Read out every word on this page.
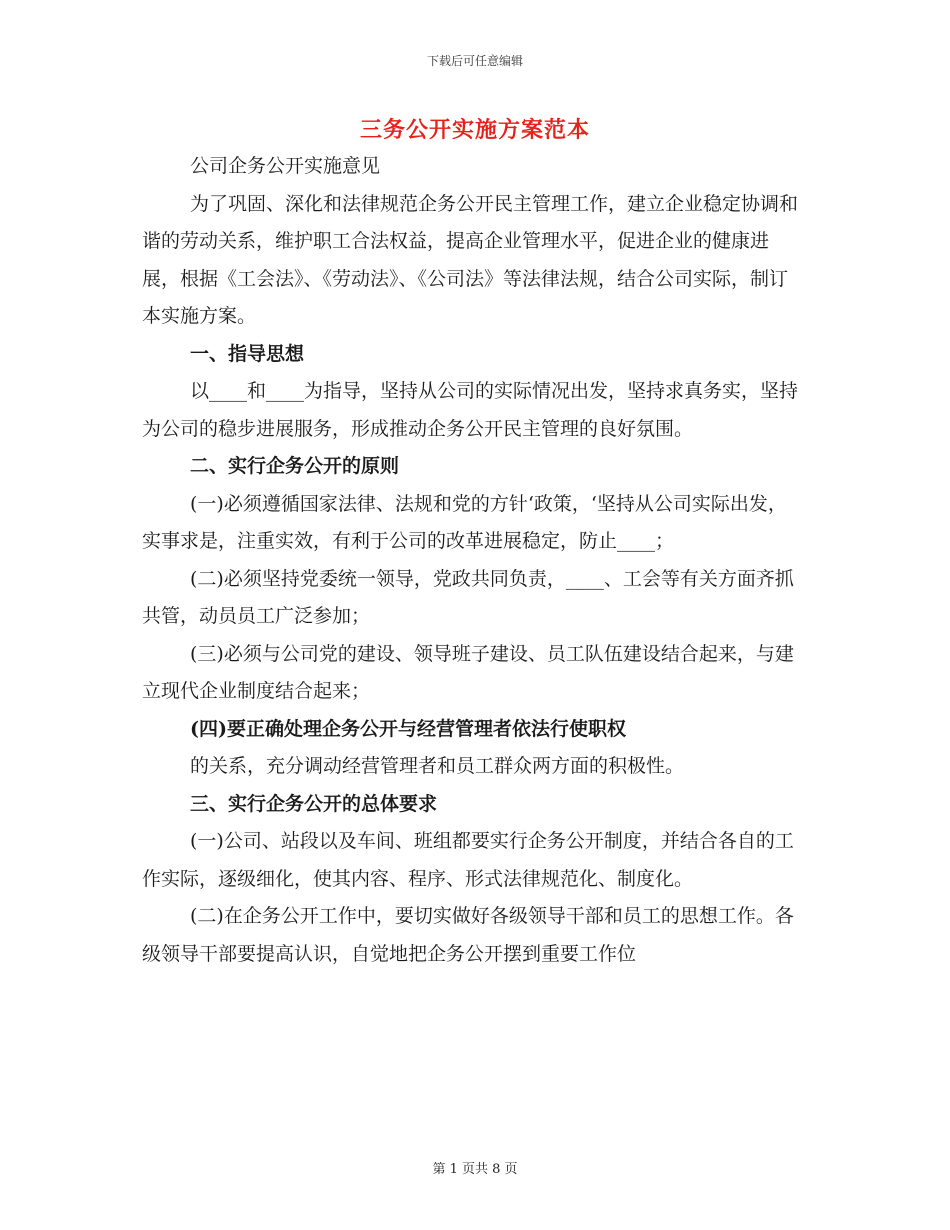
下载后可任意编辑
三务公开实施方案范本

公司企务公开实施意见

为了巩固、深化和法律规范企务公开民主管理工作，建立企业稳定协调和谐的劳动关系，维护职工合法权益，提高企业管理水平，促进企业的健康进展，根据《工会法》、《劳动法》、《公司法》等法律法规，结合公司实际，制订本实施方案。

一、指导思想

以____和____为指导，坚持从公司的实际情况出发，坚持求真务实，坚持为公司的稳步进展服务，形成推动企务公开民主管理的良好氛围。

二、实行企务公开的原则

(一)必须遵循国家法律、法规和党的方针‘政策，‘坚持从公司实际出发，实事求是，注重实效，有利于公司的改革进展稳定，防止____；

(二)必须坚持党委统一领导，党政共同负责，____、工会等有关方面齐抓共管，动员员工广泛参加；

(三)必须与公司党的建设、领导班子建设、员工队伍建设结合起来，与建立现代企业制度结合起来；

(四)要正确处理企务公开与经营管理者依法行使职权

的关系，充分调动经营管理者和员工群众两方面的积极性。

三、实行企务公开的总体要求

(一)公司、站段以及车间、班组都要实行企务公开制度，并结合各自的工作实际，逐级细化，使其内容、程序、形式法律规范化、制度化。

(二)在企务公开工作中，要切实做好各级领导干部和员工的思想工作。各级领导干部要提高认识，自觉地把企务公开摆到重要工作位

第 1 页共 8 页
